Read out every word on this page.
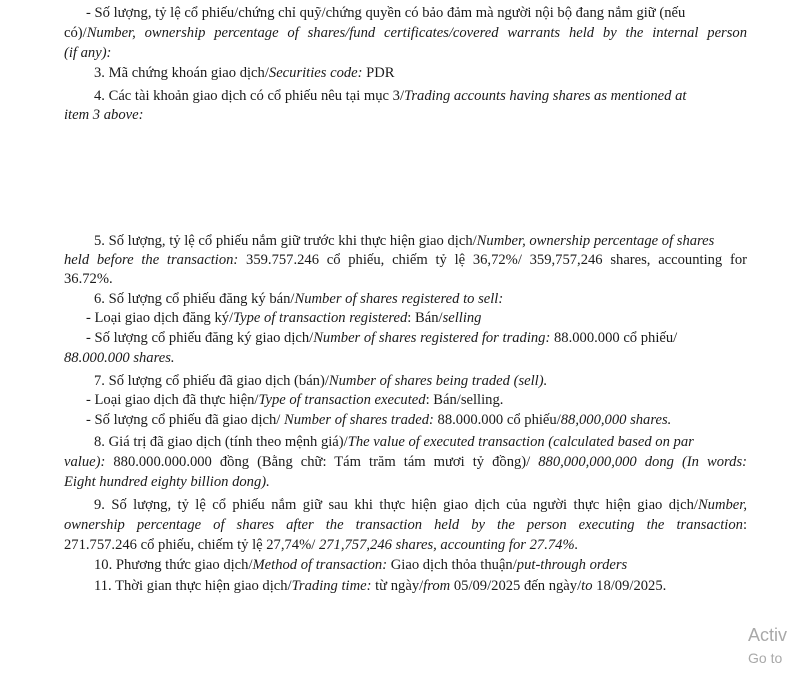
- Số lượng, tỷ lệ cổ phiếu/chứng chỉ quỹ/chứng quyền có bảo đảm mà người nội bộ đang nắm giữ (nếu
có)/Number, ownership percentage of shares/fund certificates/covered warrants held by the internal person
(if any):
3. Mã chứng khoán giao dịch/Securities code: PDR
4. Các tài khoản giao dịch có cổ phiếu nêu tại mục 3/Trading accounts having shares as mentioned at
item 3 above:
5. Số lượng, tỷ lệ cổ phiếu nắm giữ trước khi thực hiện giao dịch/Number, ownership percentage of shares
held before the transaction: 359.757.246 cổ phiếu, chiếm tỷ lệ 36,72%/ 359,757,246 shares, accounting for
36.72%.
6. Số lượng cổ phiếu đăng ký bán/Number of shares registered to sell:
- Loại giao dịch đăng ký/Type of transaction registered: Bán/selling
- Số lượng cổ phiếu đăng ký giao dịch/Number of shares registered for trading: 88.000.000 cổ phiếu/
88.000.000 shares.
7. Số lượng cổ phiếu đã giao dịch (bán)/Number of shares being traded (sell).
- Loại giao dịch đã thực hiện/Type of transaction executed: Bán/selling.
- Số lượng cổ phiếu đã giao dịch/ Number of shares traded: 88.000.000 cổ phiếu/88,000,000 shares.
8. Giá trị đã giao dịch (tính theo mệnh giá)/The value of executed transaction (calculated based on par
value): 880.000.000.000 đồng (Bằng chữ: Tám trăm tám mươi tỷ đồng)/ 880,000,000,000 dong (In words:
Eight hundred eighty billion dong).
9. Số lượng, tỷ lệ cổ phiếu nắm giữ sau khi thực hiện giao dịch của người thực hiện giao dịch/Number,
ownership percentage of shares after the transaction held by the person executing the transaction:
271.757.246 cổ phiếu, chiếm tỷ lệ 27,74%/ 271,757,246 shares, accounting for 27.74%.
10. Phương thức giao dịch/Method of transaction: Giao dịch thỏa thuận/put-through orders
11. Thời gian thực hiện giao dịch/Trading time: từ ngày/from 05/09/2025 đến ngày/to 18/09/2025.
Activ
Go to
